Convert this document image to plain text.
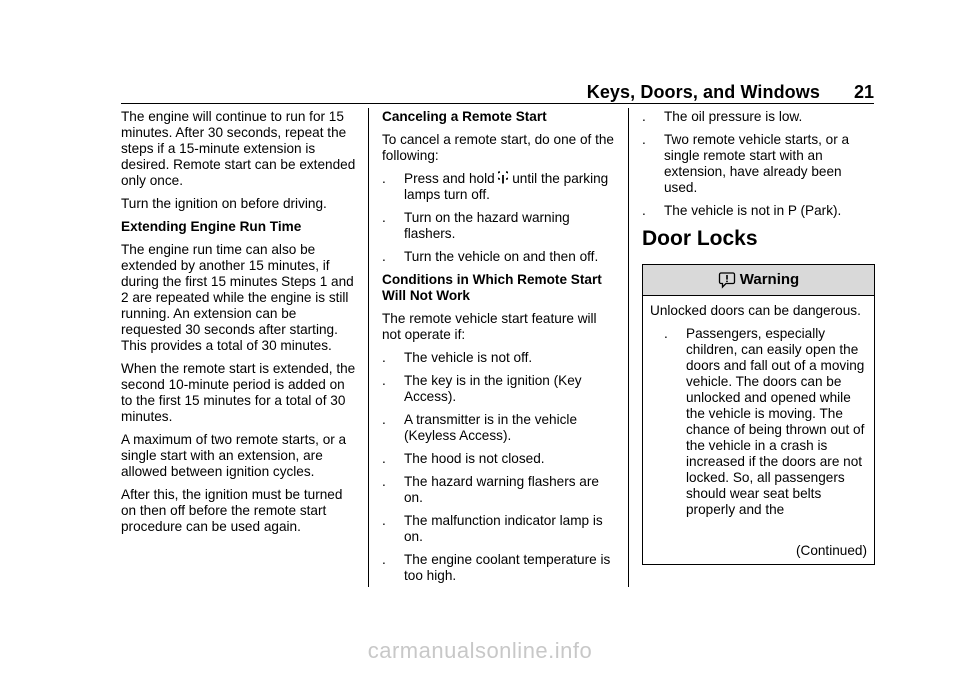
Keys, Doors, and Windows 21
The engine will continue to run for 15 minutes. After 30 seconds, repeat the steps if a 15-minute extension is desired. Remote start can be extended only once.
Turn the ignition on before driving.
Extending Engine Run Time
The engine run time can also be extended by another 15 minutes, if during the first 15 minutes Steps 1 and 2 are repeated while the engine is still running. An extension can be requested 30 seconds after starting. This provides a total of 30 minutes.
When the remote start is extended, the second 10-minute period is added on to the first 15 minutes for a total of 30 minutes.
A maximum of two remote starts, or a single start with an extension, are allowed between ignition cycles.
After this, the ignition must be turned on then off before the remote start procedure can be used again.
Canceling a Remote Start
To cancel a remote start, do one of the following:
. Press and hold until the parking lamps turn off.
. Turn on the hazard warning flashers.
. Turn the vehicle on and then off.
Conditions in Which Remote Start Will Not Work
The remote vehicle start feature will not operate if:
. The vehicle is not off.
. The key is in the ignition (Key Access).
. A transmitter is in the vehicle (Keyless Access).
. The hood is not closed.
. The hazard warning flashers are on.
. The malfunction indicator lamp is on.
. The engine coolant temperature is too high.
. The oil pressure is low.
. Two remote vehicle starts, or a single remote start with an extension, have already been used.
. The vehicle is not in P (Park).
Door Locks
Warning
Unlocked doors can be dangerous.
. Passengers, especially children, can easily open the doors and fall out of a moving vehicle. The doors can be unlocked and opened while the vehicle is moving. The chance of being thrown out of the vehicle in a crash is increased if the doors are not locked. So, all passengers should wear seat belts properly and the
(Continued)
carmanualsonline.info
